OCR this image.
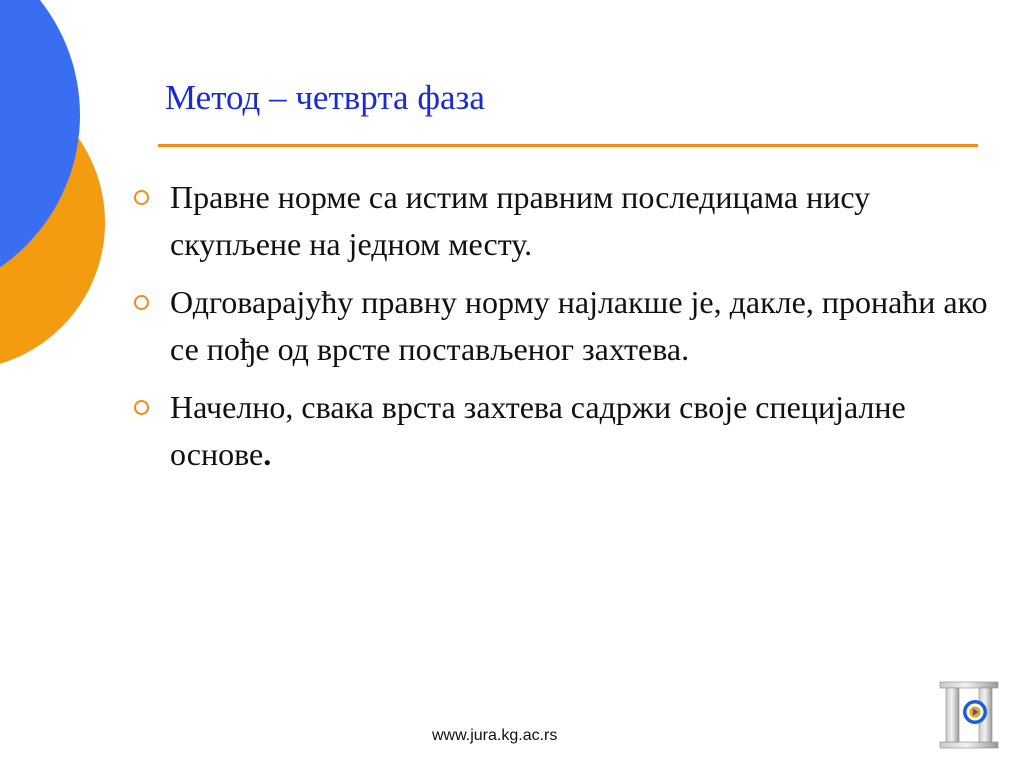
Метод – четврта фаза
Правне норме са истим правним последицама нису скупљене на једном месту.
Одговарајућу правну норму најлакше је, дакле, пронаћи ако се пођe од врсте постављеног захтева.
Начелно, свака врста захтева садржи своје специјалне основе.
www.jura.kg.ac.rs
